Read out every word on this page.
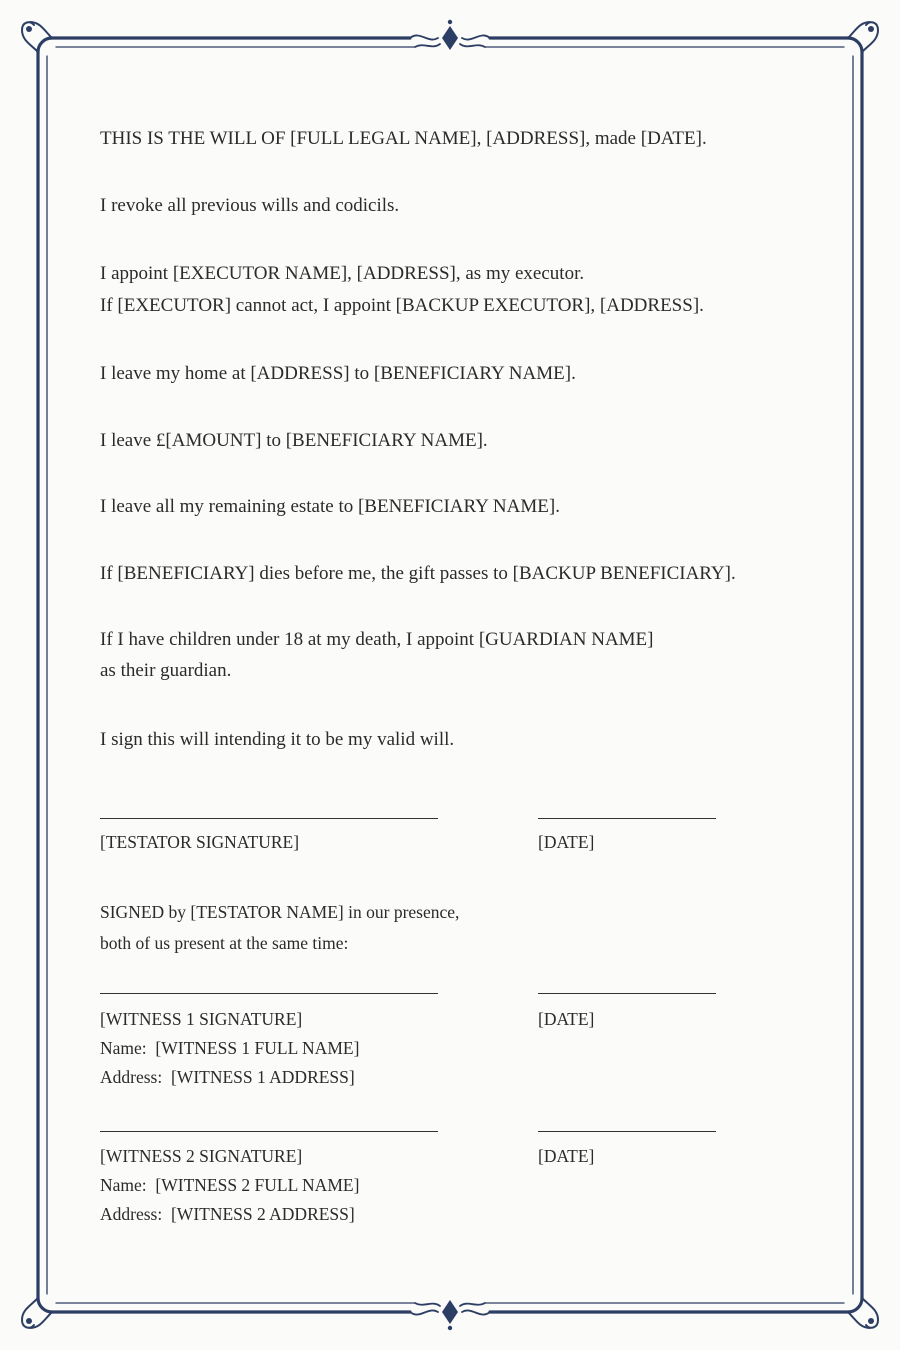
THIS IS THE WILL OF [FULL LEGAL NAME], [ADDRESS], made [DATE].
I revoke all previous wills and codicils.
I appoint [EXECUTOR NAME], [ADDRESS], as my executor.
If [EXECUTOR] cannot act, I appoint [BACKUP EXECUTOR], [ADDRESS].
I leave my home at [ADDRESS] to [BENEFICIARY NAME].
I leave £[AMOUNT] to [BENEFICIARY NAME].
I leave all my remaining estate to [BENEFICIARY NAME].
If [BENEFICIARY] dies before me, the gift passes to [BACKUP BENEFICIARY].
If I have children under 18 at my death, I appoint [GUARDIAN NAME]
as their guardian.
I sign this will intending it to be my valid will.
[TESTATOR SIGNATURE]	[DATE]
SIGNED by [TESTATOR NAME] in our presence,
both of us present at the same time:
[WITNESS 1 SIGNATURE]	[DATE]
Name: [WITNESS 1 FULL NAME]
Address: [WITNESS 1 ADDRESS]
[WITNESS 2 SIGNATURE]	[DATE]
Name: [WITNESS 2 FULL NAME]
Address: [WITNESS 2 ADDRESS]
